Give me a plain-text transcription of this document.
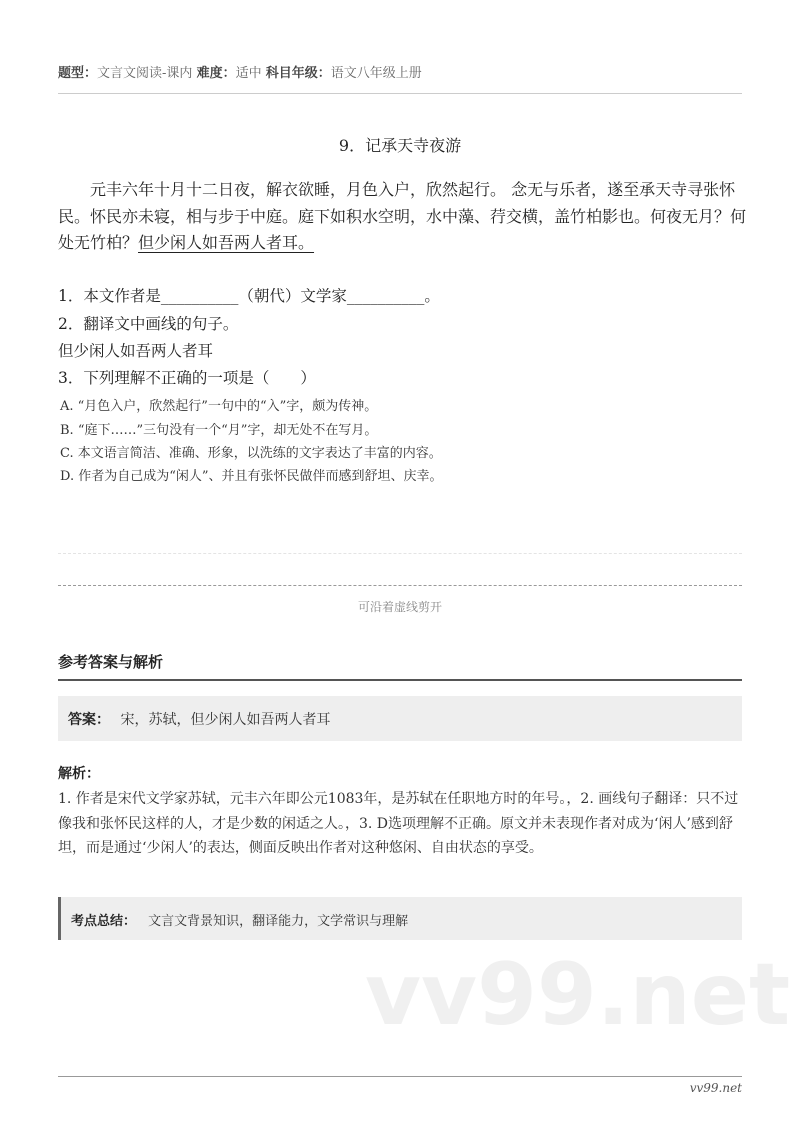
题型：文言文阅读-课内 难度：适中 科目年级：语文八年级上册
9．记承天寺夜游
元丰六年十月十二日夜，解衣欲睡，月色入户，欣然起行。 念无与乐者，遂至承天寺寻张怀民。怀民亦未寝，相与步于中庭。庭下如积水空明，水中藻、荇交横，盖竹柏影也。何夜无月？何处无竹柏？但少闲人如吾两人者耳。
1．本文作者是__________（朝代）文学家__________。
2．翻译文中画线的句子。
但少闲人如吾两人者耳
3．下列理解不正确的一项是（　　）
A. “月色入户，欣然起行”一句中的“入”字，颇为传神。
B. “庭下……”三句没有一个“月”字，却无处不在写月。
C. 本文语言简洁、准确、形象，以洗练的文字表达了丰富的内容。
D. 作者为自己成为“闲人”、并且有张怀民做伴而感到舒坦、庆幸。
可沿着虚线剪开
参考答案与解析
答案： 宋，苏轼，但少闲人如吾两人者耳
解析：
1. 作者是宋代文学家苏轼，元丰六年即公元1083年，是苏轼在任职地方时的年号。，2. 画线句子翻译：只不过像我和张怀民这样的人，才是少数的闲适之人。，3. D选项理解不正确。原文并未表现作者对成为‘闲人’感到舒坦，而是通过‘少闲人’的表达，侧面反映出作者对这种悠闲、自由状态的享受。
考点总结： 文言文背景知识，翻译能力，文学常识与理解
vv99.net
vv99.net
